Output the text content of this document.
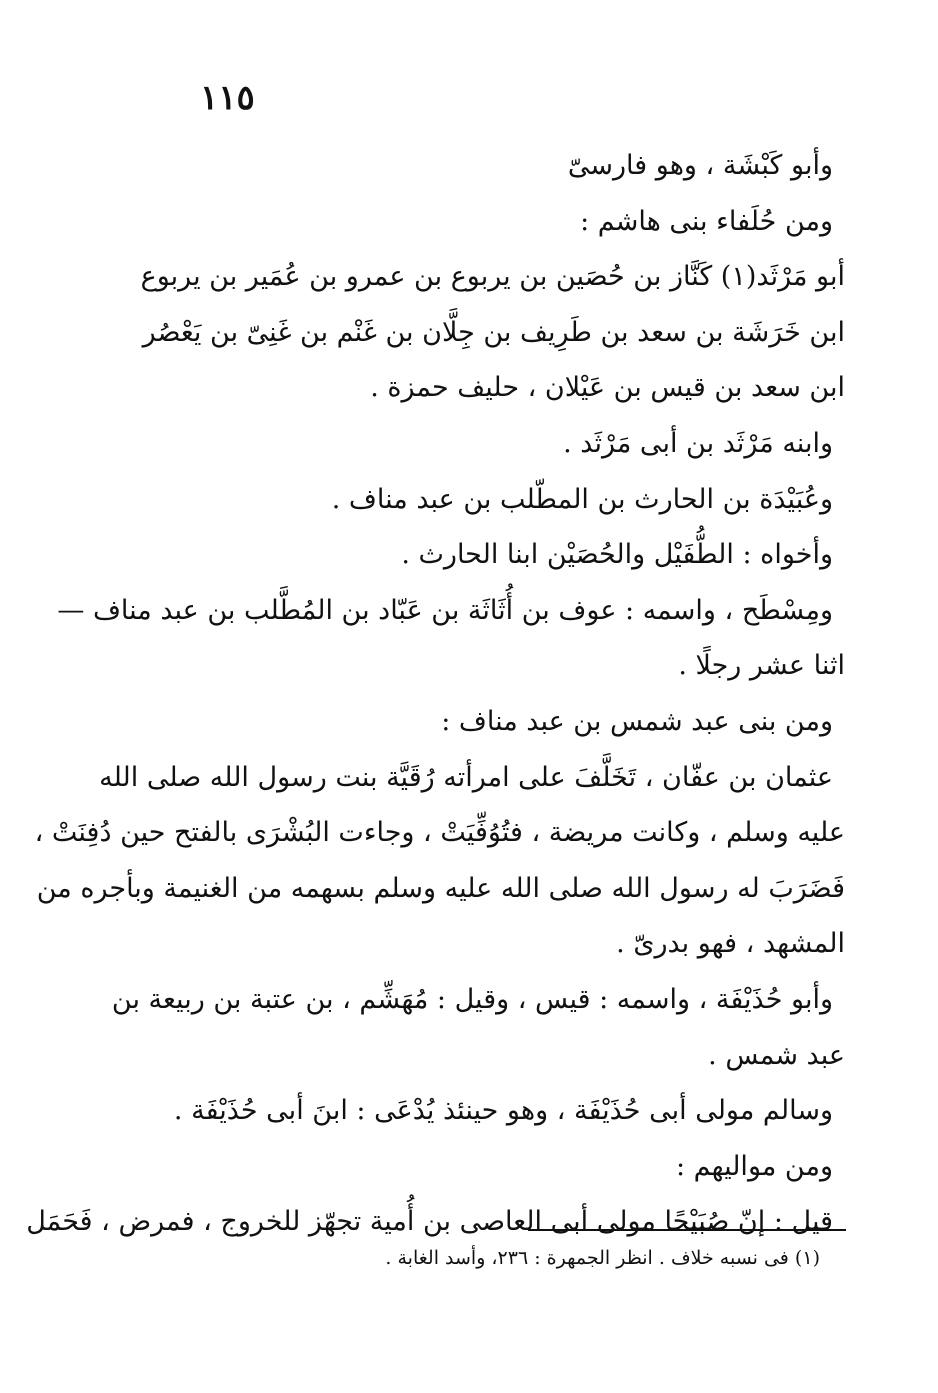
١١٥
وأبو كَبْشَة ، وهو فارسىّ
ومن حُلَفاء بنى هاشم :
أبو مَرْثَد(١) كَنَّاز بن حُصَين بن يربوع بن عمرو بن عُمَير بن يربوع
ابن خَرَشَة بن سعد بن طَرِيف بن جِلَّان بن غَنْم بن غَنِىّ بن يَعْصُر
ابن سعد بن قيس بن عَيْلان ، حليف حمزة .
وابنه مَرْثَد بن أبى مَرْثَد .
وعُبَيْدَة بن الحارث بن المطّلب بن عبد مناف .
وأخواه : الطُّفَيْل والحُصَيْن ابنا الحارث .
ومِسْطَح ، واسمه : عوف بن أُثَاثَة بن عَبّاد بن المُطَّلب بن عبد مناف —
اثنا عشر رجلًا .
ومن بنى عبد شمس بن عبد مناف :
عثمان بن عفّان ، تَخَلَّفَ على امرأته رُقَيَّة بنت رسول الله صلى الله
عليه وسلم ، وكانت مريضة ، فتُوُفِّيَتْ ، وجاءت البُشْرَى بالفتح حين دُفِنَتْ ،
فَضَرَبَ له رسول الله صلى الله عليه وسلم بسهمه من الغنيمة وبأجره من
المشهد ، فهو بدرىّ .
وأبو حُذَيْفَة ، واسمه : قيس ، وقيل : مُهَشِّم ، بن عتبة بن ربيعة بن
عبد شمس .
وسالم مولى أبى حُذَيْفَة ، وهو حينئذ يُدْعَى : ابنَ أبى حُذَيْفَة .
ومن مواليهم :
قيل : إنّ صُبَيْحًا مولى أبى العاصى بن أُمية تجهّز للخروج ، فمرض ، فَحَمَل
(١) فى نسبه خلاف . انظر الجمهرة : ٢٣٦، وأسد الغابة .
